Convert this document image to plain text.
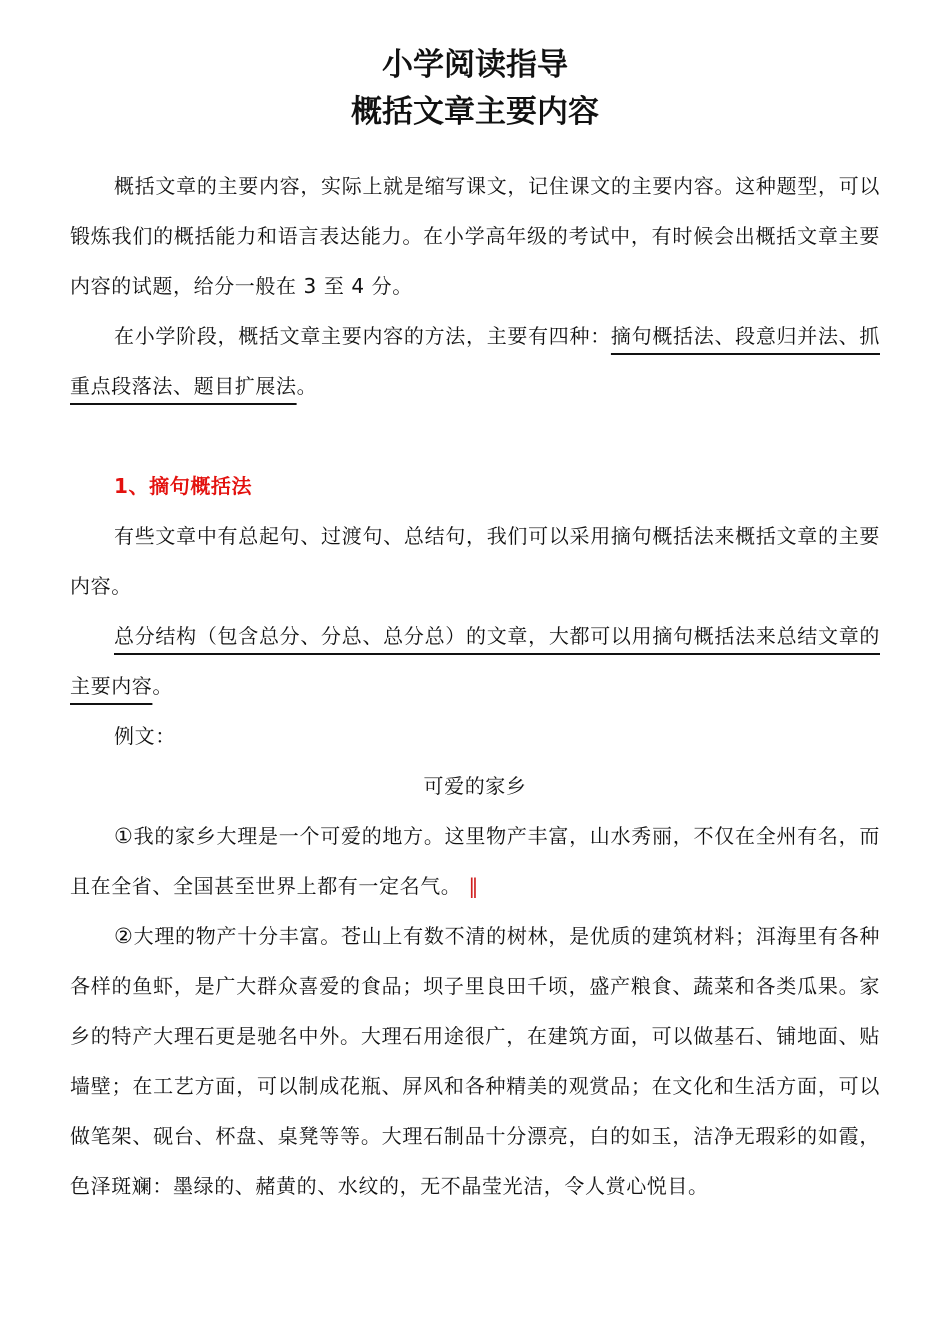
小学阅读指导
概括文章主要内容

概括文章的主要内容，实际上就是缩写课文，记住课文的主要内容。这种题型，可以锻炼我们的概括能力和语言表达能力。在小学高年级的考试中，有时候会出概括文章主要内容的试题，给分一般在 3 至 4 分。

在小学阶段，概括文章主要内容的方法，主要有四种：摘句概括法、段意归并法、抓重点段落法、题目扩展法。

1、摘句概括法

有些文章中有总起句、过渡句、总结句，我们可以采用摘句概括法来概括文章的主要内容。

总分结构（包含总分、分总、总分总）的文章，大都可以用摘句概括法来总结文章的主要内容。

例文：

可爱的家乡

①我的家乡大理是一个可爱的地方。这里物产丰富，山水秀丽，不仅在全州有名，而且在全省、全国甚至世界上都有一定名气。 ‖

②大理的物产十分丰富。苍山上有数不清的树林，是优质的建筑材料；洱海里有各种各样的鱼虾，是广大群众喜爱的食品；坝子里良田千顷，盛产粮食、蔬菜和各类瓜果。家乡的特产大理石更是驰名中外。大理石用途很广，在建筑方面，可以做基石、铺地面、贴墙壁；在工艺方面，可以制成花瓶、屏风和各种精美的观赏品；在文化和生活方面，可以做笔架、砚台、杯盘、桌凳等等。大理石制品十分漂亮，白的如玉，洁净无瑕彩的如霞，色泽斑斓：墨绿的、赭黄的、水纹的，无不晶莹光洁，令人赏心悦目。
